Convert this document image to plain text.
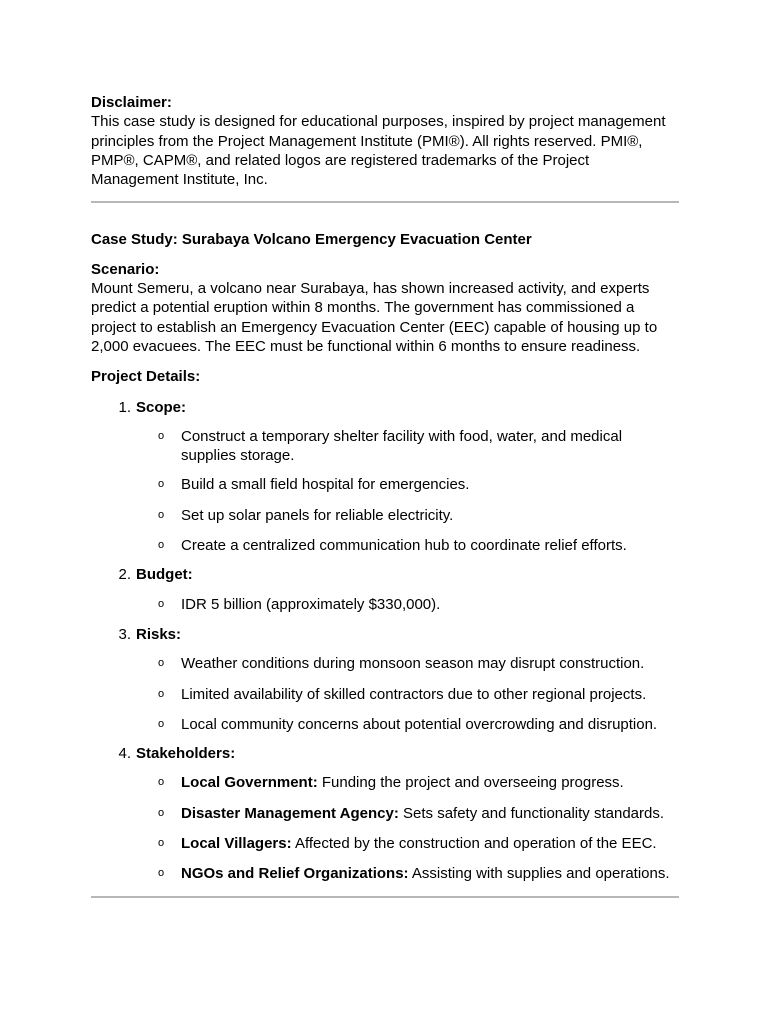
Disclaimer:
This case study is designed for educational purposes, inspired by project management principles from the Project Management Institute (PMI®). All rights reserved. PMI®, PMP®, CAPM®, and related logos are registered trademarks of the Project Management Institute, Inc.
Case Study: Surabaya Volcano Emergency Evacuation Center
Scenario:
Mount Semeru, a volcano near Surabaya, has shown increased activity, and experts predict a potential eruption within 8 months. The government has commissioned a project to establish an Emergency Evacuation Center (EEC) capable of housing up to 2,000 evacuees. The EEC must be functional within 6 months to ensure readiness.
Project Details:
1. Scope:
o Construct a temporary shelter facility with food, water, and medical supplies storage.
o Build a small field hospital for emergencies.
o Set up solar panels for reliable electricity.
o Create a centralized communication hub to coordinate relief efforts.
2. Budget:
o IDR 5 billion (approximately $330,000).
3. Risks:
o Weather conditions during monsoon season may disrupt construction.
o Limited availability of skilled contractors due to other regional projects.
o Local community concerns about potential overcrowding and disruption.
4. Stakeholders:
o Local Government: Funding the project and overseeing progress.
o Disaster Management Agency: Sets safety and functionality standards.
o Local Villagers: Affected by the construction and operation of the EEC.
o NGOs and Relief Organizations: Assisting with supplies and operations.
